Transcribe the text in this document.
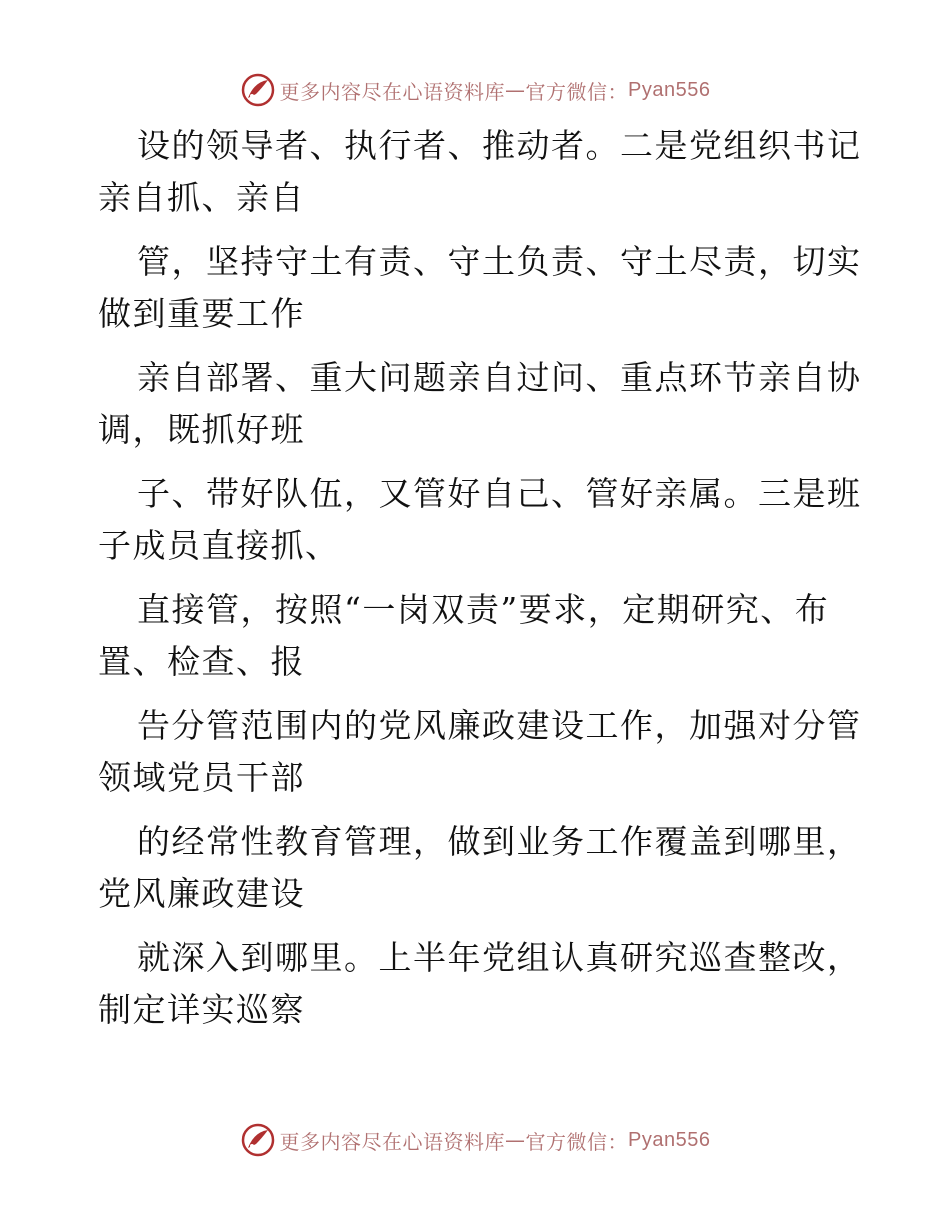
更多内容尽在心语资料库 — 官方微信： Pyan556
设的领导者、执行者、推动者。二是党组织书记
亲自抓、亲自
管，坚持守土有责、守土负责、守土尽责，切实
做到重要工作
亲自部署、重大问题亲自过问、重点环节亲自协
调，既抓好班
子、带好队伍，又管好自己、管好亲属。三是班
子成员直接抓、
直接管，按照“一岗双责”要求，定期研究、布
置、检查、报
告分管范围内的党风廉政建设工作，加强对分管
领域党员干部
的经常性教育管理，做到业务工作覆盖到哪里，
党风廉政建设
就深入到哪里。上半年党组认真研究巡查整改，
制定详实巡察
更多内容尽在心语资料库 — 官方微信： Pyan556
